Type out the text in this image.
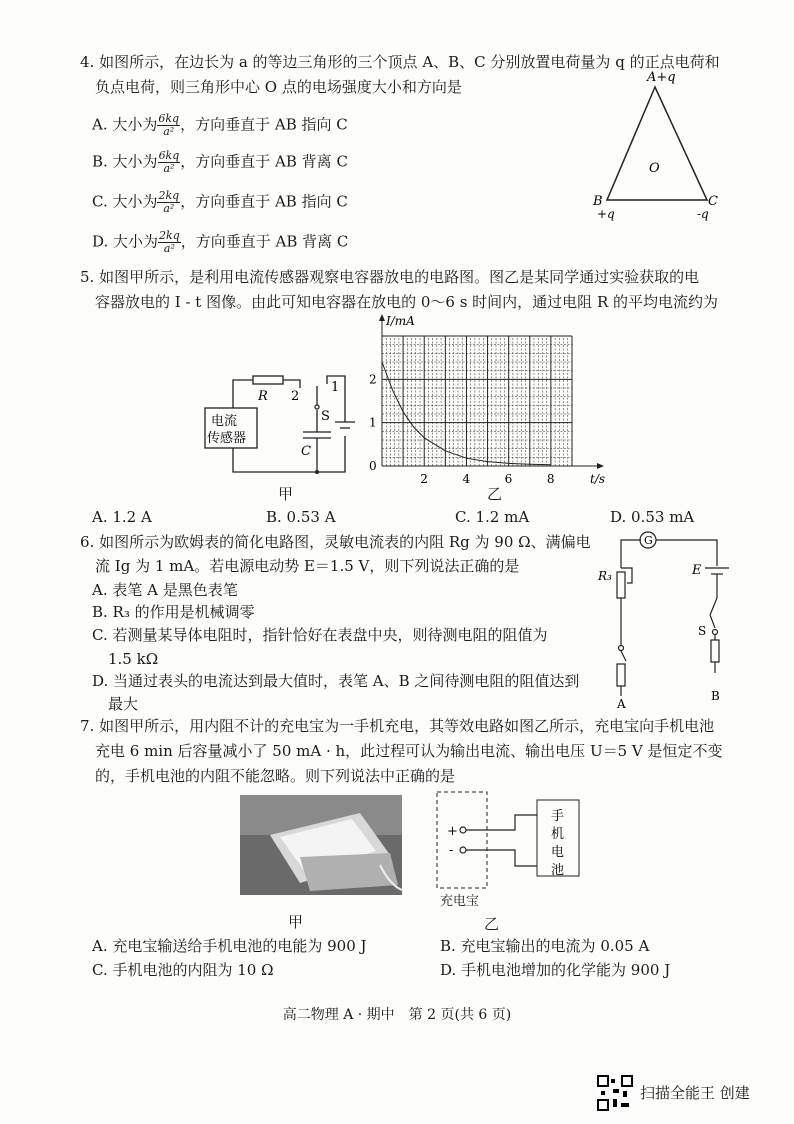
4. 如图所示，在边长为 a 的等边三角形的三个顶点 A、B、C 分别放置电荷量为 q 的正点电荷和
负点电荷，则三角形中心 O 点的电场强度大小和方向是
A. 大小为 $\frac{6kq}{\text{a²}}$ ，方向垂直于 AB 指向 C
B. 大小为 $\frac{6kq}{\text{a²}}$ ，方向垂直于 AB 背离 C
C. 大小为 $\frac{2kq}{\text{a²}}$ ，方向垂直于 AB 指向 C
D. 大小为 $\frac{2kq}{\text{a²}}$ ，方向垂直于 AB 背离 C
A+q
O
B
+q
C
-q
5. 如图甲所示，是利用电流传感器观察电容器放电的电路图。图乙是某同学通过实验获取的电
容器放电的 I - t 图像。由此可知电容器在放电的 0～6 s 时间内，通过电阻 R 的平均电流约为
R 2
1
S
C
电流
传感器
甲
2	4	6	8
0
1
2
I/mA
t/s
乙
A. 1.2 A	B. 0.53 A	C. 1.2 mA	D. 0.53 mA
6. 如图所示为欧姆表的简化电路图，灵敏电流表的内阻 Rg 为 90 Ω、满偏电
流 Ig 为 1 mA。若电源电动势 E＝1.5 V，则下列说法正确的是
A. 表笔 A 是黑色表笔
B. R₃ 的作用是机械调零
C. 若测量某导体电阻时，指针恰好在表盘中央，则待测电阻的阻值为
1.5 kΩ
D. 当通过表头的电流达到最大值时，表笔 A、B 之间待测电阻的阻值达到
最大
G
R₃	E
S
A
B
7. 如图甲所示，用内阻不计的充电宝为一手机充电，其等效电路如图乙所示，充电宝向手机电池
充电 6 min 后容量减小了 50 mA · h，此过程可认为输出电流、输出电压 U＝5 V 是恒定不变
的，手机电池的内阻不能忽略。则下列说法中正确的是
甲
+
-
手
机
电
池
充电宝
乙
A. 充电宝输送给手机电池的电能为 900 J	B. 充电宝输出的电流为 0.05 A
C. 手机电池的内阻为 10 Ω	D. 手机电池增加的化学能为 900 J
高二物理 A · 期中　第 2 页(共 6 页)
扫描全能王 创建
